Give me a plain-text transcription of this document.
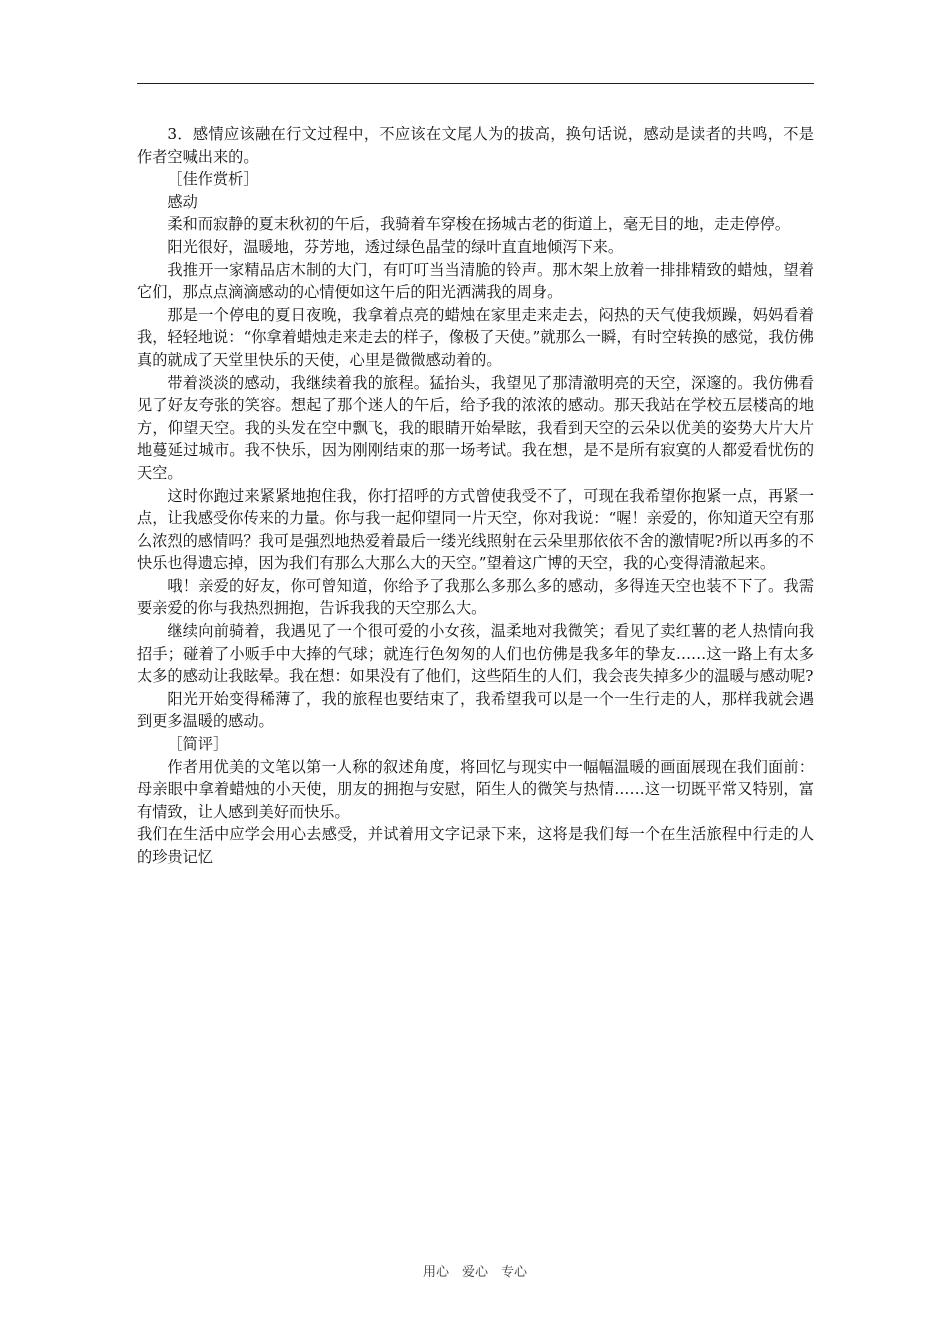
3．感情应该融在行文过程中，不应该在文尾人为的拔高，换句话说，感动是读者的共鸣，不是作者空喊出来的。

［佳作赏析］

感动

柔和而寂静的夏末秋初的午后，我骑着车穿梭在扬城古老的街道上，毫无目的地，走走停停。

阳光很好，温暖地，芬芳地，透过绿色晶莹的绿叶直直地倾泻下来。

我推开一家精品店木制的大门，有叮叮当当清脆的铃声。那木架上放着一排排精致的蜡烛，望着它们，那点点滴滴感动的心情便如这午后的阳光洒满我的周身。

那是一个停电的夏日夜晚，我拿着点亮的蜡烛在家里走来走去，闷热的天气使我烦躁，妈妈看着我，轻轻地说：“你拿着蜡烛走来走去的样子，像极了天使。”就那么一瞬，有时空转换的感觉，我仿佛真的就成了天堂里快乐的天使，心里是微微感动着的。

带着淡淡的感动，我继续着我的旅程。猛抬头，我望见了那清澈明亮的天空，深邃的。我仿佛看见了好友夸张的笑容。想起了那个迷人的午后，给予我的浓浓的感动。那天我站在学校五层楼高的地方，仰望天空。我的头发在空中飘飞，我的眼睛开始晕眩，我看到天空的云朵以优美的姿势大片大片地蔓延过城市。我不快乐，因为刚刚结束的那一场考试。我在想，是不是所有寂寞的人都爱看忧伤的天空。

这时你跑过来紧紧地抱住我，你打招呼的方式曾使我受不了，可现在我希望你抱紧一点，再紧一点，让我感受你传来的力量。你与我一起仰望同一片天空，你对我说：“喔！亲爱的，你知道天空有那么浓烈的感情吗？我可是强烈地热爱着最后一缕光线照射在云朵里那依依不舍的激情呢?所以再多的不快乐也得遗忘掉，因为我们有那么大那么大的天空。”望着这广博的天空，我的心变得清澈起来。

哦！亲爱的好友，你可曾知道，你给予了我那么多那么多的感动，多得连天空也装不下了。我需要亲爱的你与我热烈拥抱，告诉我我的天空那么大。

继续向前骑着，我遇见了一个很可爱的小女孩，温柔地对我微笑；看见了卖红薯的老人热情向我招手；碰着了小贩手中大捧的气球；就连行色匆匆的人们也仿佛是我多年的挚友……这一路上有太多太多的感动让我眩晕。我在想：如果没有了他们，这些陌生的人们，我会丧失掉多少的温暖与感动呢?

阳光开始变得稀薄了，我的旅程也要结束了，我希望我可以是一个一生行走的人，那样我就会遇到更多温暖的感动。

［简评］

作者用优美的文笔以第一人称的叙述角度，将回忆与现实中一幅幅温暖的画面展现在我们面前：母亲眼中拿着蜡烛的小天使，朋友的拥抱与安慰，陌生人的微笑与热情……这一切既平常又特别，富有情致，让人感到美好而快乐。

我们在生活中应学会用心去感受，并试着用文字记录下来，这将是我们每一个在生活旅程中行走的人的珍贵记忆

用心　爱心　专心
